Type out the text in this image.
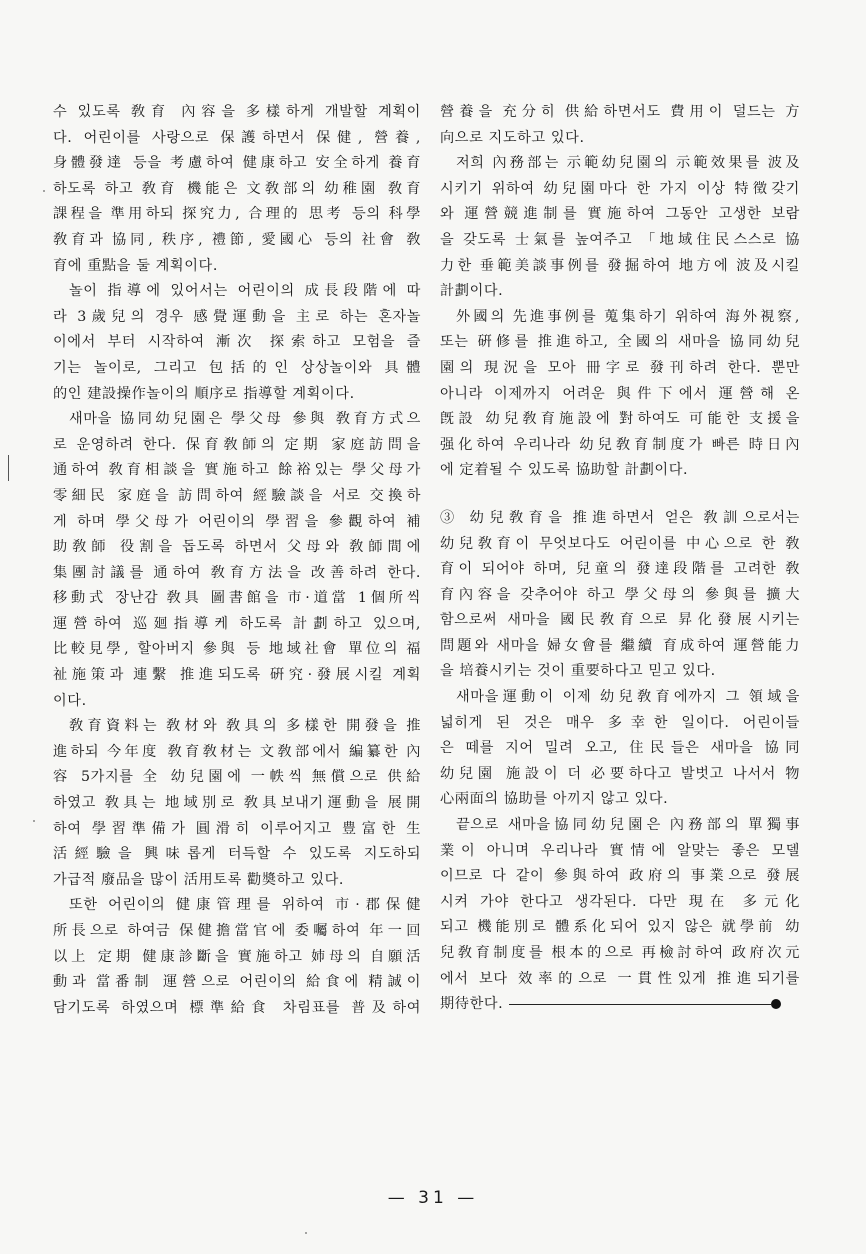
수 있도록 敎育 內容을 多樣하게 개발할 계획이
다. 어린이를 사랑으로 保護하면서 保健, 營養,
身體發達 등을 考慮하여 健康하고 安全하게 養育
하도록 하고 敎育 機能은 文敎部의 幼稚園 敎育
課程을 準用하되 探究力, 合理的 思考 등의 科學
敎育과 協同, 秩序, 禮節, 愛國心 등의 社會 敎
育에 重點을 둘 계획이다.
놀이 指導에 있어서는 어린이의 成長段階에 따
라 3歲兒의 경우 感覺運動을 主로 하는 혼자놀
이에서 부터 시작하여 漸次 探索하고 모험을 즐
기는 놀이로, 그리고 包括的인 상상놀이와 具體
的인 建設操作놀이의 順序로 指導할 계획이다.
새마을 協同幼兒園은 學父母 參與 敎育方式으
로 운영하려 한다. 保育敎師의 定期 家庭訪問을
通하여 敎育相談을 實施하고 餘裕있는 學父母가
零細民 家庭을 訪問하여 經驗談을 서로 交換하
게 하며 學父母가 어린이의 學習을 參觀하여 補
助敎師 役割을 돕도록 하면서 父母와 敎師間에
集團討議를 通하여 敎育方法을 改善하려 한다.
移動式 장난감 敎具 圖書館을 市·道當 1個所씩
運營하여 巡廻指導케 하도록 計劃하고 있으며,
比較見學, 할아버지 參與 등 地域社會 單位의 福
祉施策과 連繫 推進되도록 硏究·發展시킬 계획
이다.
敎育資料는 敎材와 敎具의 多樣한 開發을 推
進하되 今年度 敎育敎材는 文敎部에서 編纂한 內
容 5가지를 全 幼兒園에 一帙씩 無償으로 供給
하였고 敎具는 地域別로 敎具보내기運動을 展開
하여 學習準備가 圓滑히 이루어지고 豊富한 生
活經驗을 興味롭게 터득할 수 있도록 지도하되
가급적 廢品을 많이 活用토록 勸奬하고 있다.
또한 어린이의 健康管理를 위하여 市·郡保健
所長으로 하여금 保健擔當官에 委囑하여 年一回
以上 定期 健康診斷을 實施하고 姉母의 自願活
動과 當番制 運營으로 어린이의 給食에 精誠이
담기도록 하였으며 標準給食 차림표를 普及하여
營養을 充分히 供給하면서도 費用이 덜드는 方
向으로 지도하고 있다.
저희 內務部는 示範幼兒園의 示範效果를 波及
시키기 위하여 幼兒園마다 한 가지 이상 特徵갖기
와 運營競進制를 實施하여 그동안 고생한 보람
을 갖도록 士氣를 높여주고 「地域住民스스로 協
力한 垂範美談事例를 發掘하여 地方에 波及시킬
計劃이다.
外國의 先進事例를 蒐集하기 위하여 海外視察,
또는 硏修를 推進하고, 全國의 새마을 協同幼兒
園의 現況을 모아 冊字로 發刊하려 한다. 뿐만
아니라 이제까지 어려운 與件下에서 運營해 온
旣設 幼兒敎育施設에 對하여도 可能한 支援을
强化하여 우리나라 幼兒敎育制度가 빠른 時日內
에 定着될 수 있도록 協助할 計劃이다.
③ 幼兒敎育을 推進하면서 얻은 敎訓으로서는
幼兒敎育이 무엇보다도 어린이를 中心으로 한 敎
育이 되어야 하며, 兒童의 發達段階를 고려한 敎
育內容을 갖추어야 하고 學父母의 參與를 擴大
함으로써 새마을 國民敎育으로 昇化發展시키는
問題와 새마을 婦女會를 繼續 育成하여 運營能力
을 培養시키는 것이 重要하다고 믿고 있다.
새마을運動이 이제 幼兒敎育에까지 그 領域을
넓히게 된 것은 매우 多幸한 일이다. 어린이들
은 떼를 지어 밀려 오고, 住民들은 새마을 協同
幼兒園 施設이 더 必要하다고 발벗고 나서서 物
心兩面의 協助를 아끼지 않고 있다.
끝으로 새마을協同幼兒園은 內務部의 單獨事
業이 아니며 우리나라 實情에 알맞는 좋은 모델
이므로 다 같이 參與하여 政府의 事業으로 發展
시켜 가야 한다고 생각된다. 다만 現在 多元化
되고 機能別로 體系化되어 있지 않은 就學前 幼
兒敎育制度를 根本的으로 再檢討하여 政府次元
에서 보다 效率的으로 一貫性있게 推進되기를
期待한다.
— 31 —
